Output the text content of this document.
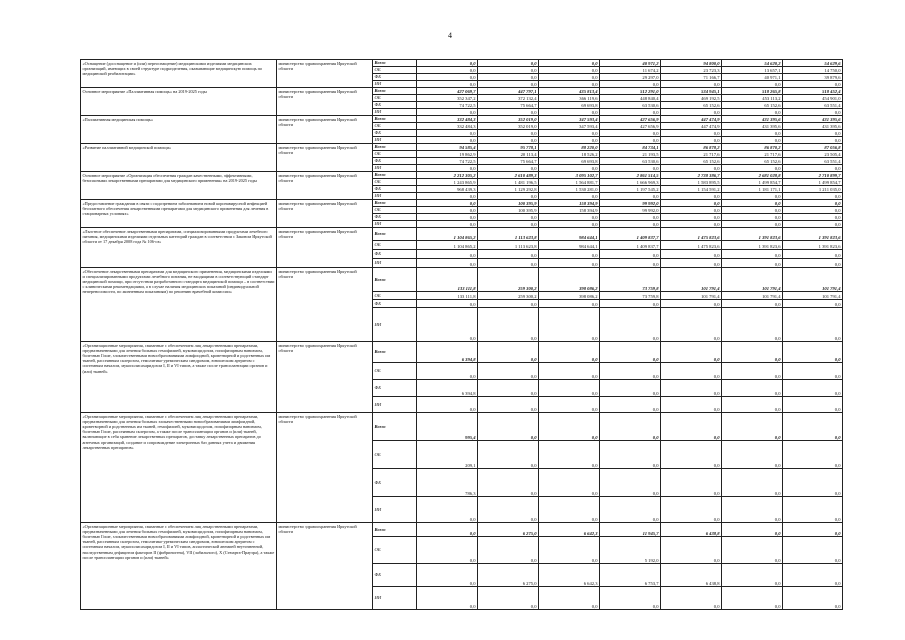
4
«Оснащение (дооснащение и (или) переоснащение) медицинскими изделиями медицинских организаций, имеющих в своей структуре подразделения, оказывающие медицинскую помощь по медицинской реабилитации»	министерство здравоохранения Иркутской области	Всего	0,0	0,0	0,0	40 971,2	94 800,0	54 620,2	54 629,6
		ОБ	0,0	0,0	0,0	11 674,2	23 723,3	13 657,1	14 750,0
		ФБ	0,0	0,0	0,0	29 297,0	71 166,7	40 971,1	39 879,6
		ИИ	0,0	0,0	0,0	0,0	0,0	0,0	0,0
Основное мероприятие «Паллиативная помощь» на 2019-2025 годы	министерство здравоохранения Иркутской области	Всего	427 069,7	447 797,1	435 813,4	512 291,0	534 945,1	518 265,8	518 452,4
		ОБ	352 347,2	372 132,4	366 119,6	448 840,4	469 192,5	453 113,2	454 901,0
		ФБ	74 722,5	75 664,7	69 693,8	63 530,6	65 152,6	65 152,6	63 551,4
		ИИ	0,0	0,0	0,0	0,0	0,0	0,0	0,0
«Паллиативная медицинская помощь»	министерство здравоохранения Иркутской области	Всего	332 484,3	352 019,0	347 593,4	427 656,9	447 474,9	431 395,6	431 395,6
		ОБ	332 484,3	352 019,0	347 593,4	427 656,9	447 474,9	431 395,6	431 395,6
		ФБ	0,0	0,0	0,0	0,0	0,0	0,0	0,0
		ИИ	0,0	0,0	0,0	0,0	0,0	0,0	0,0
«Развитие паллиативной медицинской помощи»	министерство здравоохранения Иркутской области	Всего	94 585,4	95 778,1	88 220,0	84 734,1	86 878,2	86 870,2	87 056,8
		ОБ	19 862,9	20 113,4	18 526,2	21 193,5	21 717,6	21 717,6	23 505,4
		ФБ	74 722,5	75 664,7	69 693,8	63 530,6	65 152,6	65 152,6	63 551,4
		ИИ	0,0	0,0	0,0	0,0	0,0	0,0	0,0
Основное мероприятие «Организация обеспечения граждан качественными, эффективными, безопасными лекарственными препаратами для медицинского применения» на 2019-2025 годы	министерство здравоохранения Иркутской области	Всего	2 212 305,2	2 610 489,3	3 095 102,7	2 861 514,5	2 738 386,7	2 681 028,8	2 710 899,7
		ОБ	1 243 865,9	1 481 196,5	1 564 881,7	1 666 969,3	1 583 895,5	1 499 854,7	1 499 854,7
		ФБ	968 439,3	1 129 292,8	1 530 281,0	1 197 545,2	1 154 591,2	1 181 171,1	1 211 035,0
		ИИ	0,0	0,0	0,0	0,0	0,0	0,0	0,0
«Предоставление гражданам в связи с подозрением заболеванием новой коронавирусной инфекцией бесплатного обеспечения лекарственными препаратами для медицинского применения для лечения в стационарных условиях»	министерство здравоохранения Иркутской области	Всего	0,0	100 395,9	158 394,9	99 992,0	0,0	0,0	0,0
		ОБ	0,0	100 395,9	158 394,9	99 992,0	0,0	0,0	0,0
		ФБ	0,0	0,0	0,0	0,0	0,0	0,0	0,0
		ИИ	0,0	0,0	0,0	0,0	0,0	0,0	0,0
«Льготное обеспечение лекарственными препаратами, специализированными продуктами лечебного питания, медицинскими изделиями отдельных категорий граждан в соответствии с Законом Иркутской области от 17 декабря 2008 года № 106-оз»	министерство здравоохранения Иркутской области	Всего	1 104 865,2	1 113 623,8	984 644,1	1 409 837,7	1 475 823,6	1 391 823,6	1 391 823,6
		ОБ	1 104 865,2	1 113 623,8	984 644,1	1 409 837,7	1 475 823,6	1 391 823,6	1 391 823,6
		ФБ	0,0	0,0	0,0	0,0	0,0	0,0	0,0
		ИИ	0,0	0,0	0,0	0,0	0,0	0,0	0,0
«Обеспечение лекарственными препаратами для медицинского применения, медицинскими изделиями и специализированными продуктами лечебного питания, не входящими в соответствующий стандарт медицинской помощи, при отсутствии разработанного стандарта медицинской помощи – в соответствии с клиническими рекомендациями, а в случае наличия медицинских показаний (индивидуальной непереносимости, по жизненным показаниям) по решению врачебной комиссии»	министерство здравоохранения Иркутской области	Всего	133 111,8	259 300,2	398 086,2	73 759,8	101 791,4	101 791,4	101 791,4
		ОБ	133 111,8	259 300,2	398 086,2	73 759,8	101 791,4	101 791,4	101 791,4
		ФБ	0,0	0,0	0,0	0,0	0,0	0,0	0,0
		ИИ	0,0	0,0	0,0	0,0	0,0	0,0	0,0
«Организационные мероприятия, связанные с обеспечением лиц лекарственными препаратами, предназначенными для лечения больных гемофилией, муковисцидозом, гипофизарным нанизмом, болезнью Гоше, злокачественными новообразованиями лимфоидной, кроветворной и родственных им тканей, рассеянным склерозом, гемолитико-уремическим синдромом, юношеским артритом с системным началом, мукополисахаридозом I, II и VI типов, а также после трансплантации органов и (или) тканей»	министерство здравоохранения Иркутской области	Всего	6 394,8	0,0	0,0	0,0	0,0	0,0	0,0
		ОБ	0,0	0,0	0,0	0,0	0,0	0,0	0,0
		ФБ	6 394,8	0,0	0,0	0,0	0,0	0,0	0,0
		ИИ	0,0	0,0	0,0	0,0	0,0	0,0	0,0
«Организационные мероприятия, связанные с обеспечением лиц лекарственными препаратами, предназначенными для лечения больных злокачественными новообразованиями лимфоидной, кроветворной и родственных им тканей, гемофилией, муковисцидозом, гипофизарным нанизмом, болезнью Гоше, рассеянным склерозом, а также после трансплантации органов и (или) тканей, включающие в себя хранение лекарственных препаратов, доставку лекарственных препаратов до аптечных организаций, создание и сопровождение электронных баз данных учета и движения лекарственных препаратов»	министерство здравоохранения Иркутской области	Всего	995,4	0,0	0,0	0,0	0,0	0,0	0,0
		ОБ	209,1	0,0	0,0	0,0	0,0	0,0	0,0
		ФБ	786,3	0,0	0,0	0,0	0,0	0,0	0,0
		ИИ	0,0	0,0	0,0	0,0	0,0	0,0	0,0
«Организационные мероприятия, связанные с обеспечением лиц лекарственными препаратами, предназначенными для лечения больных гемофилией, муковисцидозом, гипофизарным нанизмом, болезнью Гоше, злокачественными новообразованиями лимфоидной, кроветворной и родственных им тканей, рассеянным склерозом, гемолитико-уремическим синдромом, юношеским артритом с системным началом, мукополисахаридозом I, II и VI типов, апластической анемией неуточненной, наследственным дефицитом факторов II (фибриногена), VII (лабильного), X (Стюарта-Прауэра), а также после трансплантации органов и (или) тканей»	министерство здравоохранения Иркутской области	Всего	0,0	6 275,0	6 642,3	11 945,7	6 438,8	0,0	0,0
		ОБ	0,0	0,0	0,0	5 192,0	0,0	0,0	0,0
		ФБ	0,0	6 275,0	6 642,3	6 753,7	6 438,8	0,0	0,0
		ИИ	0,0	0,0	0,0	0,0	0,0	0,0	0,0
